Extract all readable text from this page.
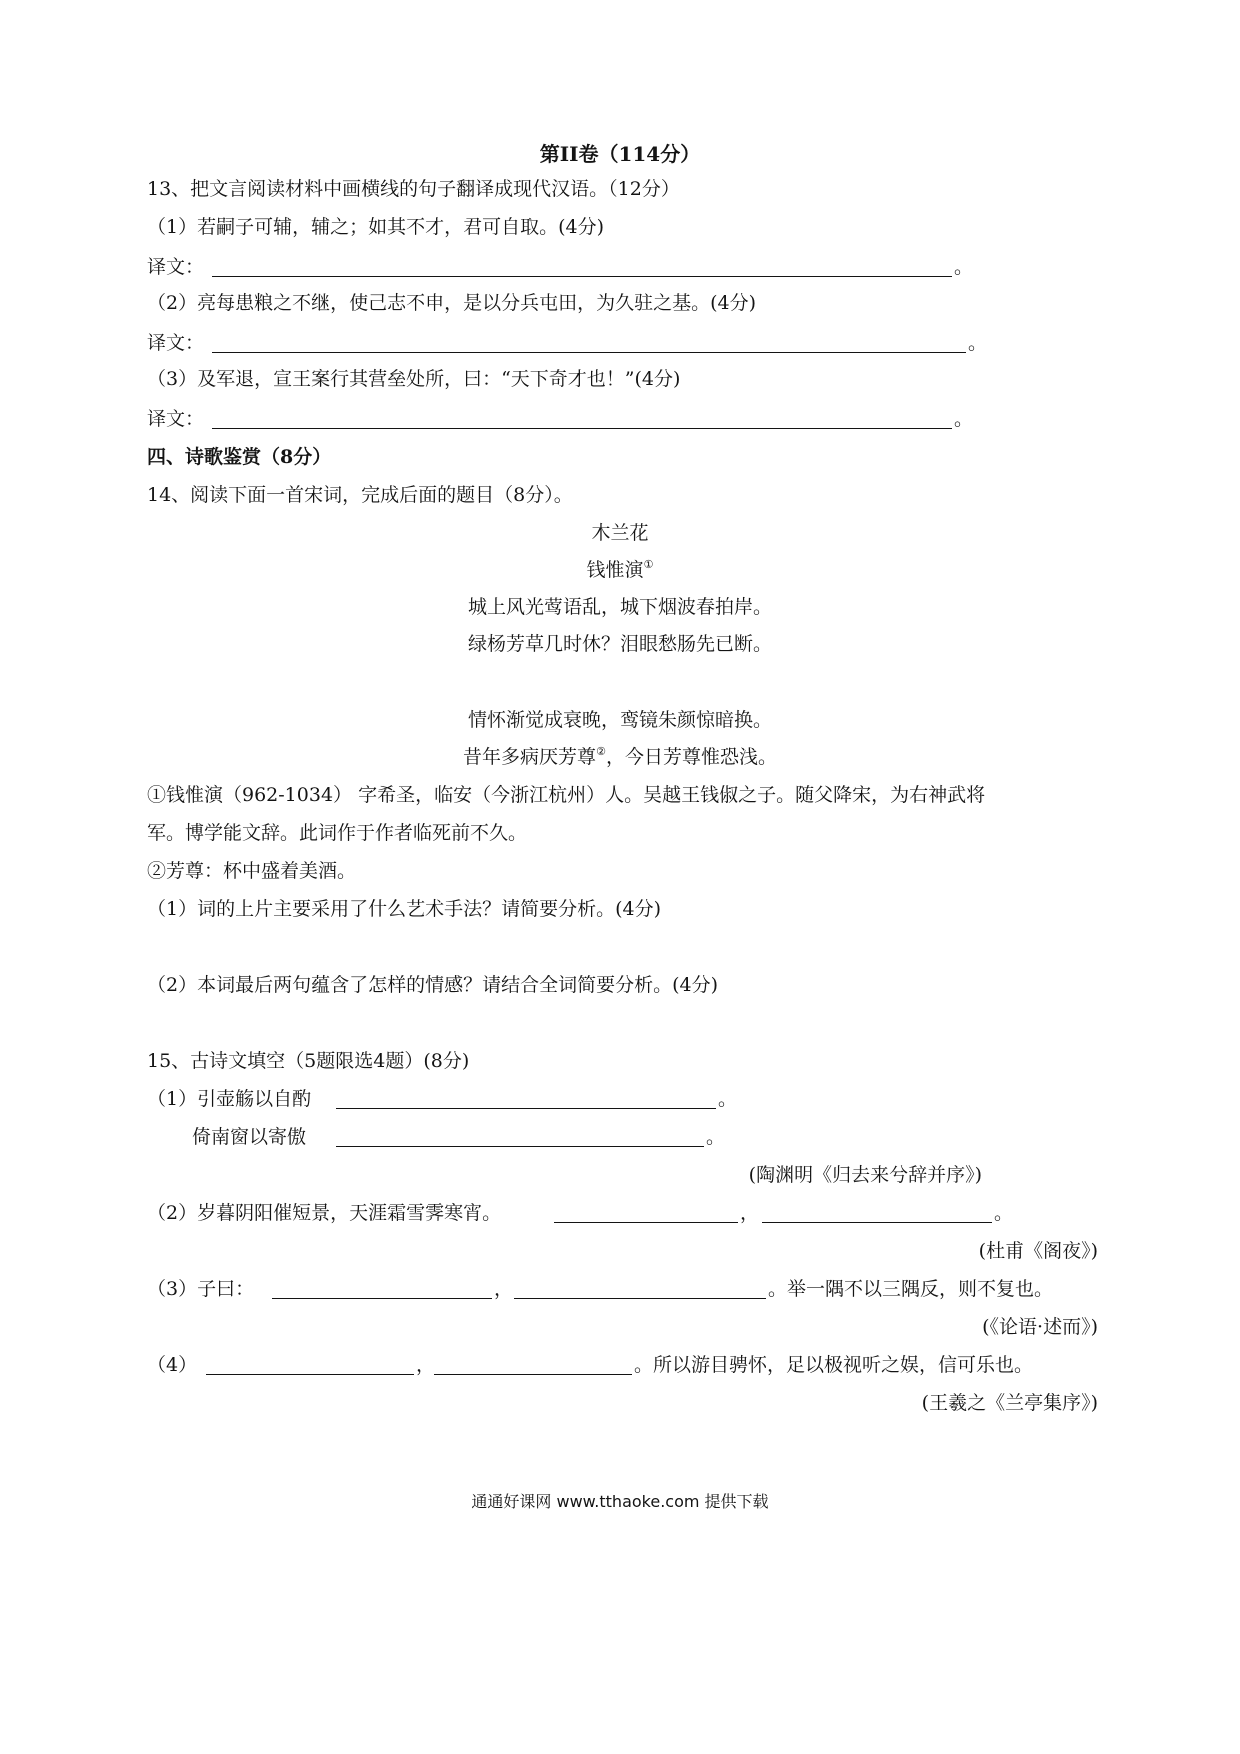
第II卷（114分）
13、把文言阅读材料中画横线的句子翻译成现代汉语。（12分）
（1）若嗣子可辅，辅之；如其不才，君可自取。(4分)
译文：	。
（2）亮每患粮之不继，使己志不申，是以分兵屯田，为久驻之基。(4分)
译文：	。
（3）及军退，宣王案行其营垒处所，曰：“天下奇才也！”(4分)
译文：	。
四、诗歌鉴赏（8分）
14、阅读下面一首宋词，完成后面的题目（8分）。
木兰花
钱惟演①
城上风光莺语乱，城下烟波春拍岸。
绿杨芳草几时休？泪眼愁肠先已断。
情怀渐觉成衰晚，鸾镜朱颜惊暗换。
昔年多病厌芳尊②，今日芳尊惟恐浅。
①钱惟演（962-1034） 字希圣，临安（今浙江杭州）人。吴越王钱俶之子。随父降宋，为右神武将
军。博学能文辞。此词作于作者临死前不久。
②芳尊：杯中盛着美酒。
（1）词的上片主要采用了什么艺术手法？请简要分析。(4分)
（2）本词最后两句蕴含了怎样的情感？请结合全词简要分析。(4分)
15、古诗文填空（5题限选4题）(8分)
（1）引壶觞以自酌	。
倚南窗以寄傲	。
(陶渊明《归去来兮辞并序》)
（2）岁暮阴阳催短景，天涯霜雪霁寒宵。	，	。
(杜甫《阁夜》)
（3）子曰：	，	。举一隅不以三隅反，则不复也。
(《论语·述而》)
（4）	，	。所以游目骋怀，足以极视听之娱，信可乐也。
(王羲之《兰亭集序》)
通通好课网 www.tthaoke.com 提供下载
